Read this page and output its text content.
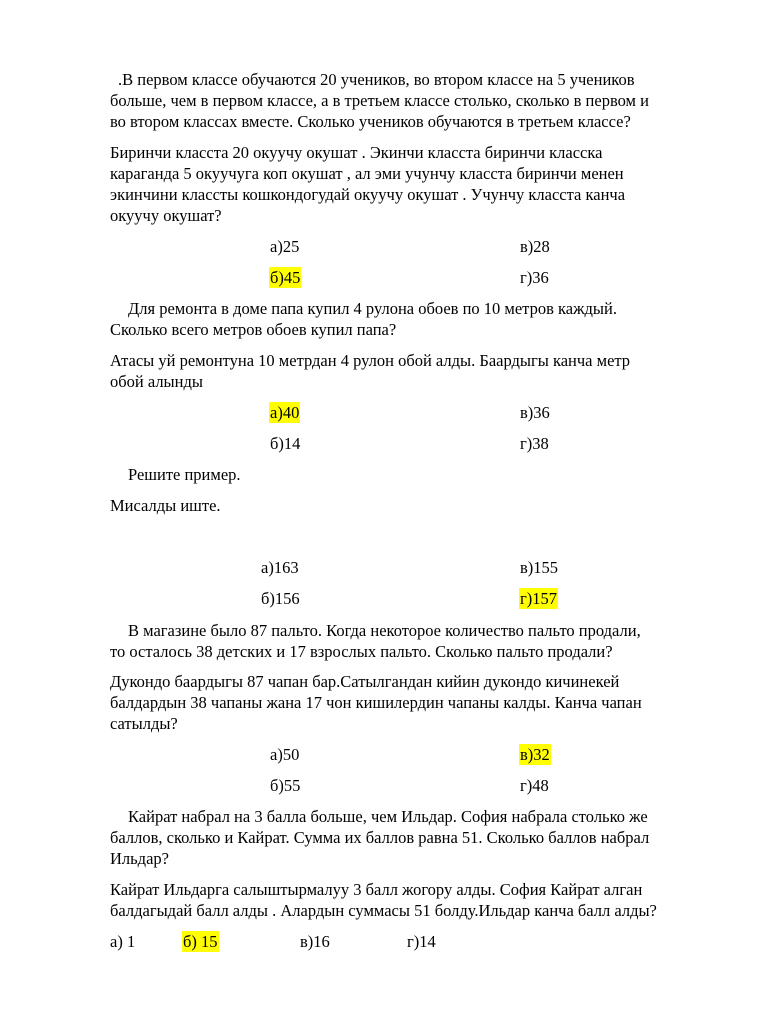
.В первом классе обучаются 20 учеников, во втором классе на 5 учеников
больше, чем в первом классе, а в третьем классе столько, сколько в первом и
во втором классах вместе. Сколько учеников обучаются в третьем классе?

Биринчи класста 20 окуучу окушат . Экинчи класста биринчи класска
караганда 5 окуучуга коп окушат , ал эми учунчу класста биринчи менен
экинчини классты кошкондогудай окуучу окушат . Учунчу класста канча
окуучу окушат?

а)25	в)28
б)45	г)36

Для ремонта в доме папа купил 4 рулона обоев по 10 метров каждый.
Сколько всего метров обоев купил папа?

Атасы уй ремонтуна 10 метрдан 4 рулон обой алды. Баардыгы канча метр
обой алынды

а)40	в)36
б)14	г)38

Решите пример.

Мисалды иште.

а)163	в)155
б)156	г)157

В магазине было 87 пальто. Когда некоторое количество пальто продали,
то осталось 38 детских и 17 взрослых пальто. Сколько пальто продали?

Дукондо баардыгы 87 чапан бар.Сатылгандан кийин дукондо кичинекей
балдардын 38 чапаны жана 17 чон кишилердин чапаны калды. Канча чапан
сатылды?

а)50	в)32
б)55	г)48

Кайрат набрал на 3 балла больше, чем Ильдар. София набрала столько же
баллов, сколько и Кайрат. Сумма их баллов равна 51. Сколько баллов набрал
Ильдар?

Кайрат Ильдарга салыштырмалуу 3 балл жогору алды. София Кайрат алган
балдагыдай балл алды . Алардын суммасы 51 болду.Ильдар канча балл алды?

а) 1	б) 15	в)16	г)14
